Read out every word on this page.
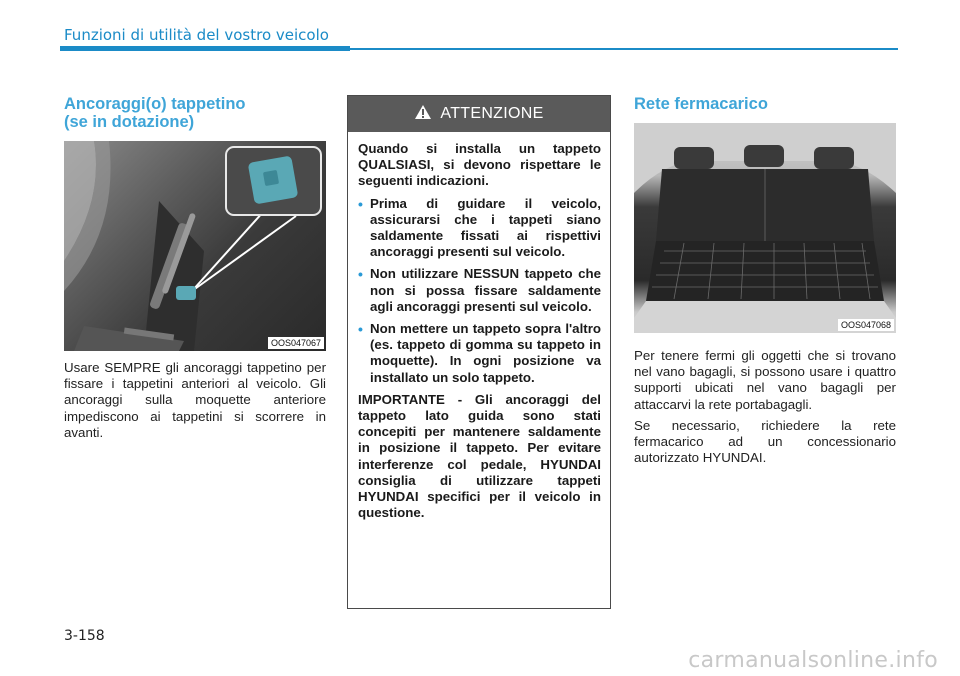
Funzioni di utilità del vostro veicolo
Ancoraggi(o) tappetino
(se in dotazione)
OOS047067
Usare SEMPRE gli ancoraggi tappetino per fissare i tappetini anteriori al veicolo. Gli ancoraggi sulla moquette anteriore impediscono ai tappetini si scorrere in avanti.
ATTENZIONE

Quando si installa un tappeto QUALSIASI, si devono rispettare le seguenti indicazioni.

• Prima di guidare il veicolo, assicurarsi che i tappeti siano saldamente fissati ai rispettivi ancoraggi presenti sul veicolo.
• Non utilizzare NESSUN tappeto che non si possa fissare saldamente agli ancoraggi presenti sul veicolo.
• Non mettere un tappeto sopra l'altro (es. tappeto di gomma su tappeto in moquette). In ogni posizione va installato un solo tappeto.

IMPORTANTE - Gli ancoraggi del tappeto lato guida sono stati concepiti per mantenere saldamente in posizione il tappeto. Per evitare interferenze col pedale, HYUNDAI consiglia di utilizzare tappeti HYUNDAI specifici per il veicolo in questione.

Rete fermacarico
OOS047068

Per tenere fermi gli oggetti che si trovano nel vano bagagli, si possono usare i quattro supporti ubicati nel vano bagagli per attaccarvi la rete portabagagli.

Se necessario, richiedere la rete fermacarico ad un concessionario autorizzato HYUNDAI.

3-158
carmanualsonline.info
